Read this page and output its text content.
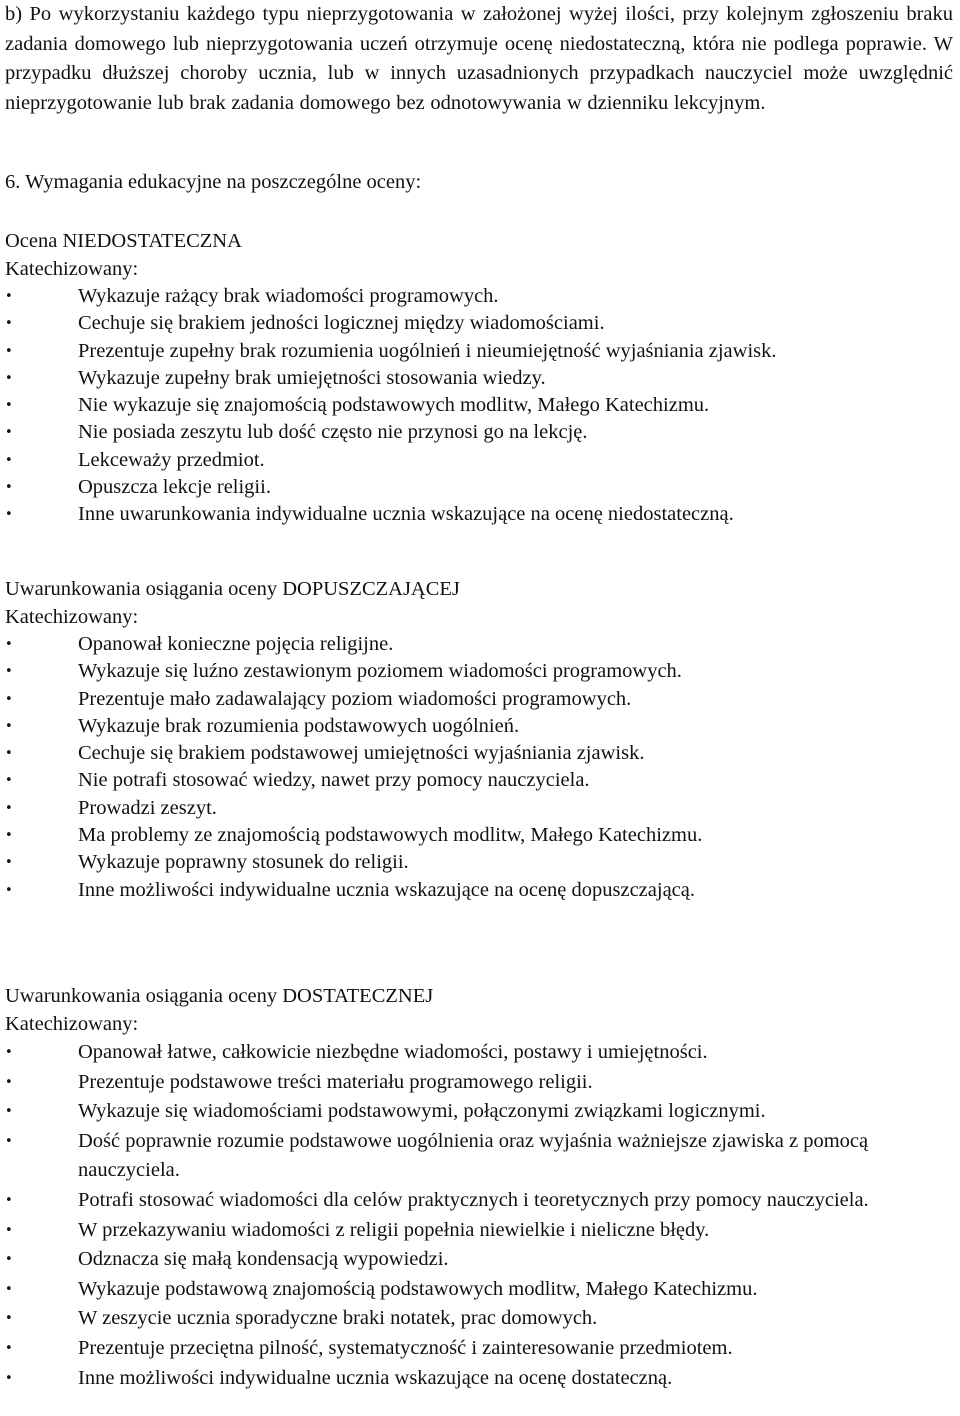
b) Po wykorzystaniu każdego typu nieprzygotowania w założonej wyżej ilości, przy kolejnym zgłoszeniu braku zadania domowego lub nieprzygotowania uczeń otrzymuje ocenę niedostateczną, która nie podlega poprawie. W przypadku dłuższej choroby ucznia, lub w innych uzasadnionych przypadkach nauczyciel może uwzględnić nieprzygotowanie lub brak zadania domowego bez odnotowywania w dzienniku lekcyjnym.

6. Wymagania edukacyjne na poszczególne oceny:

Ocena NIEDOSTATECZNA

Katechizowany:

• Wykazuje rażący brak wiadomości programowych.
• Cechuje się brakiem jedności logicznej między wiadomościami.
• Prezentuje zupełny brak rozumienia uogólnień i nieumiejętność wyjaśniania zjawisk.
• Wykazuje zupełny brak umiejętności stosowania wiedzy.
• Nie wykazuje się znajomością podstawowych modlitw, Małego Katechizmu.
• Nie posiada zeszytu lub dość często nie przynosi go na lekcję.
• Lekceważy przedmiot.
• Opuszcza lekcje religii.
• Inne uwarunkowania indywidualne ucznia wskazujące na ocenę niedostateczną.

Uwarunkowania osiągania oceny DOPUSZCZAJĄCEJ

Katechizowany:

• Opanował konieczne pojęcia religijne.
• Wykazuje się luźno zestawionym poziomem wiadomości programowych.
• Prezentuje mało zadawalający poziom wiadomości programowych.
• Wykazuje brak rozumienia podstawowych uogólnień.
• Cechuje się brakiem podstawowej umiejętności wyjaśniania zjawisk.
• Nie potrafi stosować wiedzy, nawet przy pomocy nauczyciela.
• Prowadzi zeszyt.
• Ma problemy ze znajomością podstawowych modlitw, Małego Katechizmu.
• Wykazuje poprawny stosunek do religii.
• Inne możliwości indywidualne ucznia wskazujące na ocenę dopuszczającą.

Uwarunkowania osiągania oceny DOSTATECZNEJ

Katechizowany:

• Opanował łatwe, całkowicie niezbędne wiadomości, postawy i umiejętności.
• Prezentuje podstawowe treści materiału programowego religii.
• Wykazuje się wiadomościami podstawowymi, połączonymi związkami logicznymi.
• Dość poprawnie rozumie podstawowe uogólnienia oraz wyjaśnia ważniejsze zjawiska z pomocą nauczyciela.
• Potrafi stosować wiadomości dla celów praktycznych i teoretycznych przy pomocy nauczyciela.
• W przekazywaniu wiadomości z religii popełnia niewielkie i nieliczne błędy.
• Odznacza się małą kondensacją wypowiedzi.
• Wykazuje podstawową znajomością podstawowych modlitw, Małego Katechizmu.
• W zeszycie ucznia sporadyczne braki notatek, prac domowych.
• Prezentuje przeciętna pilność, systematyczność i zainteresowanie przedmiotem.
• Inne możliwości indywidualne ucznia wskazujące na ocenę dostateczną.
